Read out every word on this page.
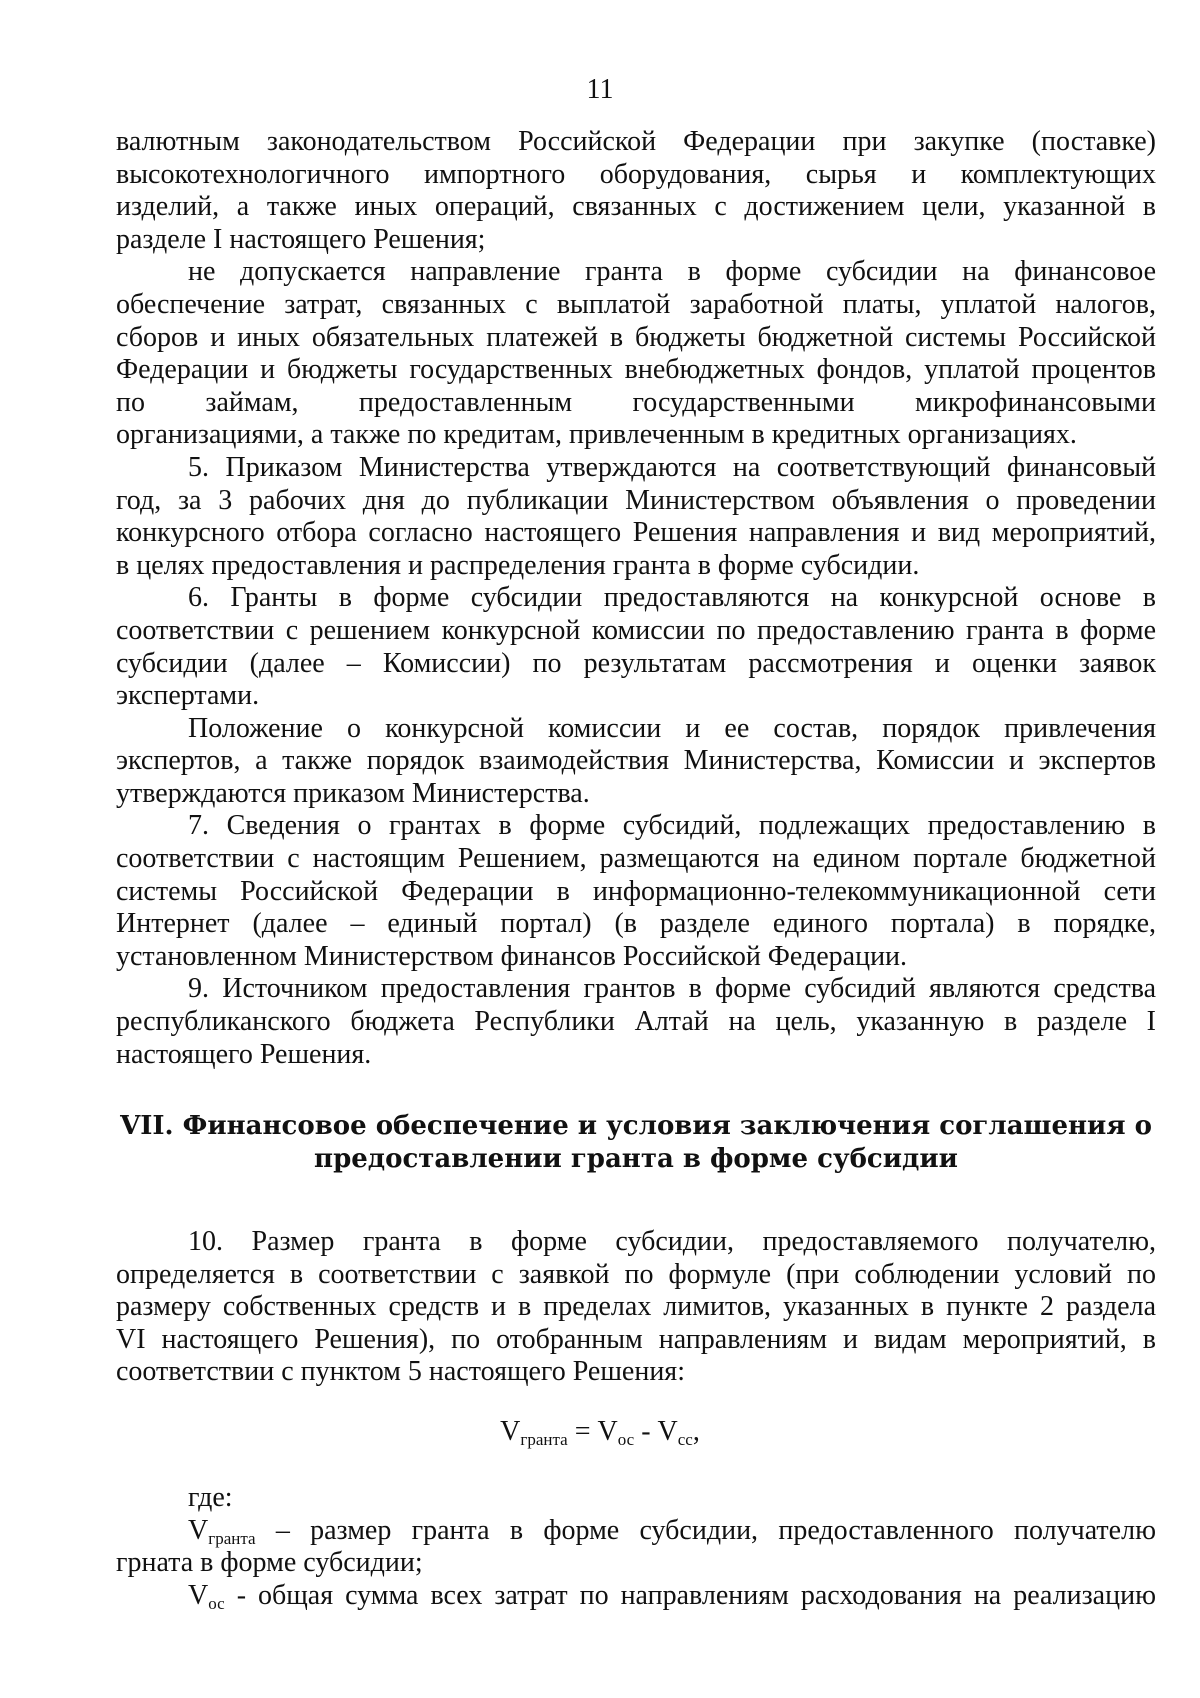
11
валютным законодательством Российской Федерации при закупке (поставке)
высокотехнологичного импортного оборудования, сырья и комплектующих
изделий, а также иных операций, связанных с достижением цели, указанной в
разделе I настоящего Решения;
не допускается направление гранта в форме субсидии на финансовое
обеспечение затрат, связанных с выплатой заработной платы, уплатой налогов,
сборов и иных обязательных платежей в бюджеты бюджетной системы Российской
Федерации и бюджеты государственных внебюджетных фондов, уплатой процентов
по займам, предоставленным государственными микрофинансовыми
организациями, а также по кредитам, привлеченным в кредитных организациях.
5. Приказом Министерства утверждаются на соответствующий финансовый
год, за 3 рабочих дня до публикации Министерством объявления о проведении
конкурсного отбора согласно настоящего Решения направления и вид мероприятий,
в целях предоставления и распределения гранта в форме субсидии.
6. Гранты в форме субсидии предоставляются на конкурсной основе в
соответствии с решением конкурсной комиссии по предоставлению гранта в форме
субсидии (далее – Комиссии) по результатам рассмотрения и оценки заявок
экспертами.
Положение о конкурсной комиссии и ее состав, порядок привлечения
экспертов, а также порядок взаимодействия Министерства, Комиссии и экспертов
утверждаются приказом Министерства.
7. Сведения о грантах в форме субсидий, подлежащих предоставлению в
соответствии с настоящим Решением, размещаются на едином портале бюджетной
системы Российской Федерации в информационно-телекоммуникационной сети
Интернет (далее – единый портал) (в разделе единого портала) в порядке,
установленном Министерством финансов Российской Федерации.
9. Источником предоставления грантов в форме субсидий являются средства
республиканского бюджета Республики Алтай на цель, указанную в разделе I
настоящего Решения.
VII. Финансовое обеспечение и условия заключения соглашения о
предоставлении гранта в форме субсидии
10. Размер гранта в форме субсидии, предоставляемого получателю,
определяется в соответствии с заявкой по формуле (при соблюдении условий по
размеру собственных средств и в пределах лимитов, указанных в пункте 2 раздела
VI настоящего Решения), по отобранным направлениям и видам мероприятий, в
соответствии с пунктом 5 настоящего Решения:
$V_{гранта} = V_{ос} - V_{сс}$,
где:
$V_{гранта}$ – размер гранта в форме субсидии, предоставленного получателю
грната в форме субсидии;
$V_{ос}$ - общая сумма всех затрат по направлениям расходования на реализацию
